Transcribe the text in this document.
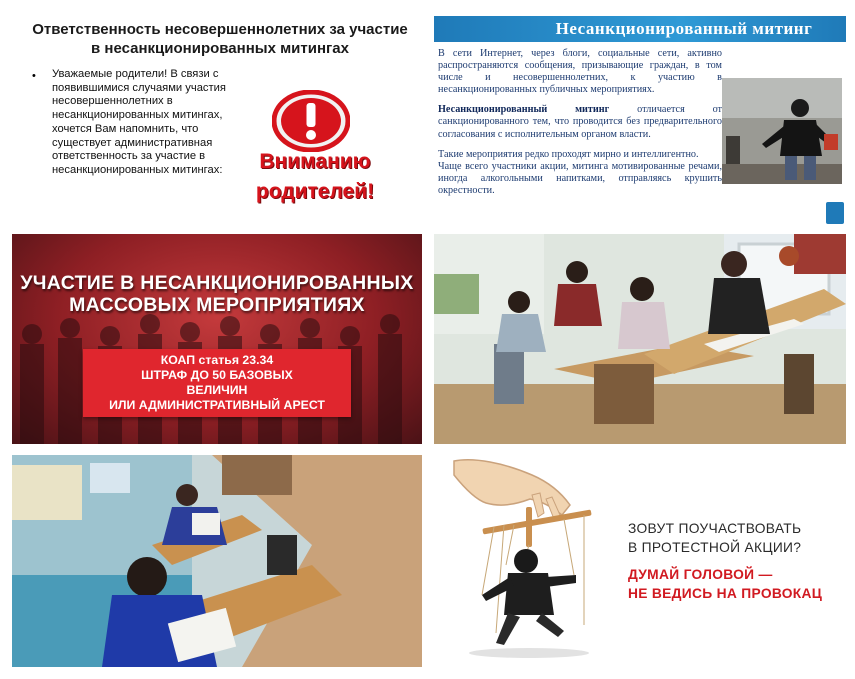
Ответственность несовершеннолетних за участие в несанкционированных митингах
• Уважаемые родители! В связи с появившимися случаями участия несовершеннолетних в несанкционированных митингах, хочется Вам напомнить, что существует административная ответственность за участие в несанкционированных митингах:	Вниманию
родителей!
Несанкционированный митинг

В сети Интернет, через блоги, социальные сети, активно распространяются сообщения, призывающие граждан, в том числе и несовершеннолетних, к участию в несанкционированных публичных мероприятиях.

Несанкционированный митинг отличается от санкционированного тем, что проводится без предварительного согласования с исполнительным органом власти.

Такие мероприятия редко проходят мирно и интеллигентно.
Чаще всего участники акции, митинга мотивированные речами, иногда алкогольными напитками, отправляясь крушить окрестности.
УЧАСТИЕ В НЕСАНКЦИОНИРОВАННЫХ
МАССОВЫХ МЕРОПРИЯТИЯХ
КОАП статья 23.34
ШТРАФ ДО 50 БАЗОВЫХ
ВЕЛИЧИН
ИЛИ АДМИНИСТРАТИВНЫЙ АРЕСТ
ЗОВУТ ПОУЧАСТВОВАТЬ
В ПРОТЕСТНОЙ АКЦИИ?
ДУМАЙ ГОЛОВОЙ —
НЕ ВЕДИСЬ НА ПРОВОКАЦ
